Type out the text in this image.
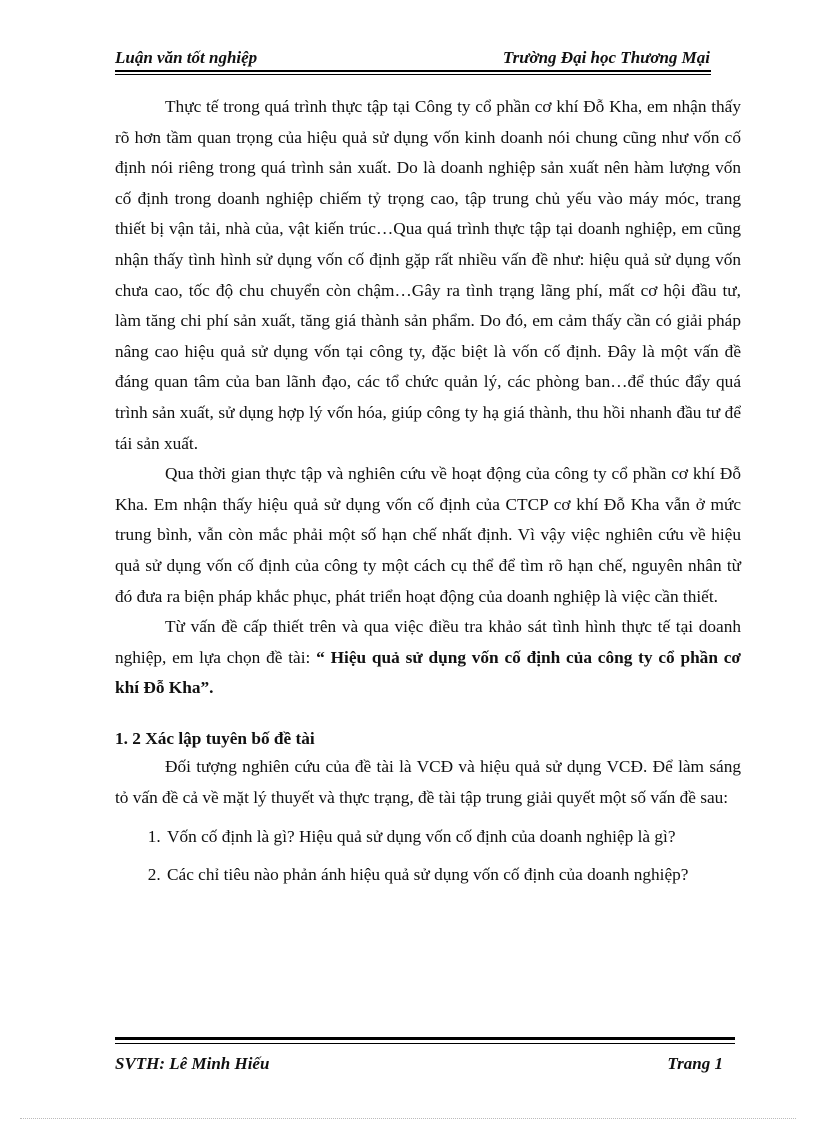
Luận văn tốt nghiệp	Trường Đại học Thương Mại

Thực tế trong quá trình thực tập tại Công ty cổ phần cơ khí Đỗ Kha, em nhận thấy rõ hơn tầm quan trọng của hiệu quả sử dụng vốn kinh doanh nói chung cũng như vốn cố định nói riêng trong quá trình sản xuất. Do là doanh nghiệp sản xuất nên hàm lượng vốn cố định trong doanh nghiệp chiếm tỷ trọng cao, tập trung chủ yếu vào máy móc, trang thiết bị vận tải, nhà của, vật kiến trúc…Qua quá trình thực tập tại doanh nghiệp, em cũng nhận thấy tình hình sử dụng vốn cố định gặp rất nhiều vấn đề như: hiệu quả sử dụng vốn chưa cao, tốc độ chu chuyển còn chậm…Gây ra tình trạng lãng phí, mất cơ hội đầu tư, làm tăng chi phí sản xuất, tăng giá thành sản phẩm. Do đó, em cảm thấy cần có giải pháp nâng cao hiệu quả sử dụng vốn tại công ty, đặc biệt là vốn cố định. Đây là một vấn đề đáng quan tâm của ban lãnh đạo, các tổ chức quản lý, các phòng ban…để thúc đẩy quá trình sản xuất, sử dụng hợp lý vốn hóa, giúp công ty hạ giá thành, thu hồi nhanh đầu tư để tái sản xuất.

Qua thời gian thực tập và nghiên cứu về hoạt động của công ty cổ phần cơ khí Đỗ Kha. Em nhận thấy hiệu quả sử dụng vốn cố định của CTCP cơ khí Đỗ Kha vẫn ở mức trung bình, vẫn còn mắc phải một số hạn chế nhất định. Vì vậy việc nghiên cứu về hiệu quả sử dụng vốn cố định của công ty một cách cụ thể để tìm rõ hạn chế, nguyên nhân từ đó đưa ra biện pháp khắc phục, phát triển hoạt động của doanh nghiệp là việc cần thiết.

Từ vấn đề cấp thiết trên và qua việc điều tra khảo sát tình hình thực tế tại doanh nghiệp, em lựa chọn đề tài: “ Hiệu quả sử dụng vốn cố định của công ty cổ phần cơ khí Đỗ Kha”.

1. 2 Xác lập tuyên bố đề tài

Đối tượng nghiên cứu của đề tài là VCĐ và hiệu quả sử dụng VCĐ. Để làm sáng tỏ vấn đề cả về mặt lý thuyết và thực trạng, đề tài tập trung giải quyết một số vấn đề sau:

1. Vốn cố định là gì? Hiệu quả sử dụng vốn cố định của doanh nghiệp là gì?
2. Các chỉ tiêu nào phản ánh hiệu quả sử dụng vốn cố định của doanh nghiệp?
SVTH: Lê Minh Hiếu	Trang 1
